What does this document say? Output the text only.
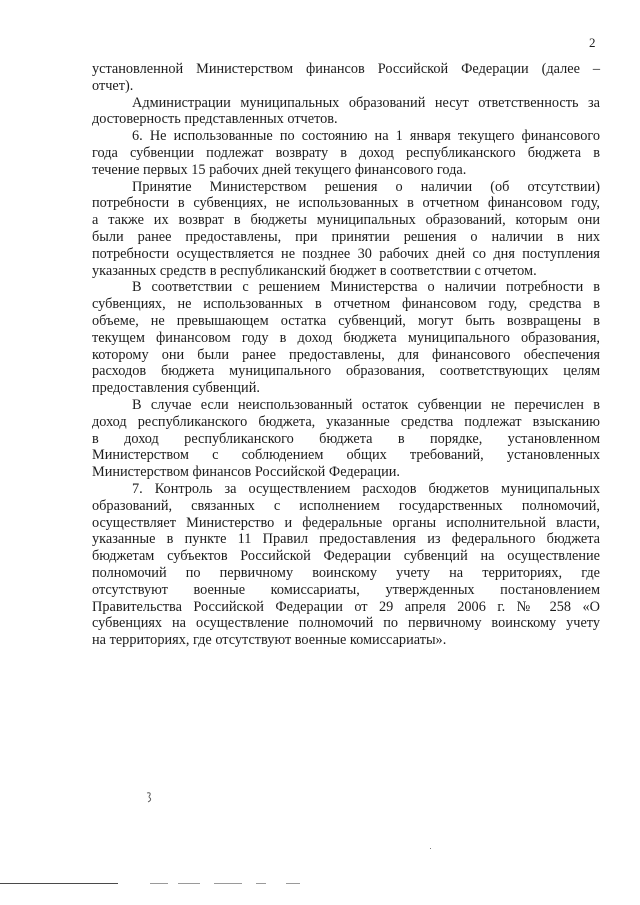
2
установленной Министерством финансов Российской Федерации (далее –
отчет).
Администрации муниципальных образований несут ответственность за
достоверность представленных отчетов.
6. Не использованные по состоянию на 1 января текущего финансового
года субвенции подлежат возврату в доход республиканского бюджета в
течение первых 15 рабочих дней текущего финансового года.
Принятие Министерством решения о наличии (об отсутствии)
потребности в субвенциях, не использованных в отчетном финансовом году,
а также их возврат в бюджеты муниципальных образований, которым они
были ранее предоставлены, при принятии решения о наличии в них
потребности осуществляется не позднее 30 рабочих дней со дня поступления
указанных средств в республиканский бюджет в соответствии с отчетом.
В соответствии с решением Министерства о наличии потребности в
субвенциях, не использованных в отчетном финансовом году, средства в
объеме, не превышающем остатка субвенций, могут быть возвращены в
текущем финансовом году в доход бюджета муниципального образования,
которому они были ранее предоставлены, для финансового обеспечения
расходов бюджета муниципального образования, соответствующих целям
предоставления субвенций.
В случае если неиспользованный остаток субвенции не перечислен в
доход республиканского бюджета, указанные средства подлежат взысканию
в доход республиканского бюджета в порядке, установленном
Министерством с соблюдением общих требований, установленных
Министерством финансов Российской Федерации.
7. Контроль за осуществлением расходов бюджетов муниципальных
образований, связанных с исполнением государственных полномочий,
осуществляет Министерство и федеральные органы исполнительной власти,
указанные в пункте 11 Правил предоставления из федерального бюджета
бюджетам субъектов Российской Федерации субвенций на осуществление
полномочий по первичному воинскому учету на территориях, где
отсутствуют военные комиссариаты, утвержденных постановлением
Правительства Российской Федерации от 29 апреля 2006 г. № 258 «О
субвенциях на осуществление полномочий по первичному воинскому учету
на территориях, где отсутствуют военные комиссариаты».
